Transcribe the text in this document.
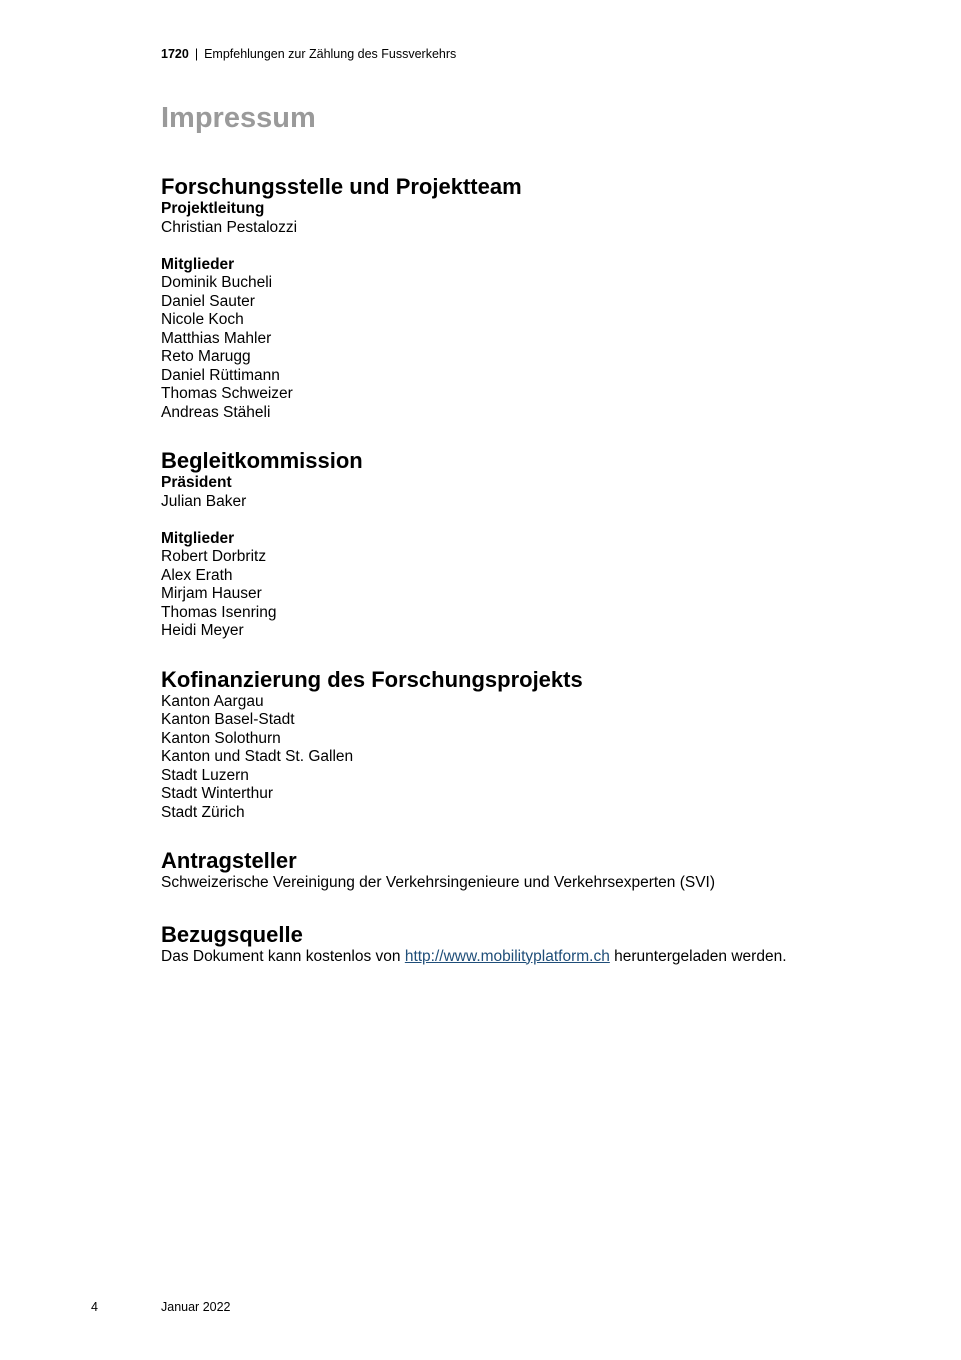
1720 | Empfehlungen zur Zählung des Fussverkehrs
Impressum
Forschungsstelle und Projektteam

Projektleitung

Christian Pestalozzi

Mitglieder

Dominik Bucheli
Daniel Sauter
Nicole Koch
Matthias Mahler
Reto Marugg
Daniel Rüttimann
Thomas Schweizer
Andreas Stäheli
Begleitkommission

Präsident

Julian Baker

Mitglieder

Robert Dorbritz
Alex Erath
Mirjam Hauser
Thomas Isenring
Heidi Meyer
Kofinanzierung des Forschungsprojekts
Kanton Aargau
Kanton Basel-Stadt
Kanton Solothurn
Kanton und Stadt St. Gallen
Stadt Luzern
Stadt Winterthur
Stadt Zürich
Antragsteller

Schweizerische Vereinigung der Verkehrsingenieure und Verkehrsexperten (SVI)

Bezugsquelle

Das Dokument kann kostenlos von http://www.mobilityplatform.ch heruntergeladen werden.

4	Januar 2022
